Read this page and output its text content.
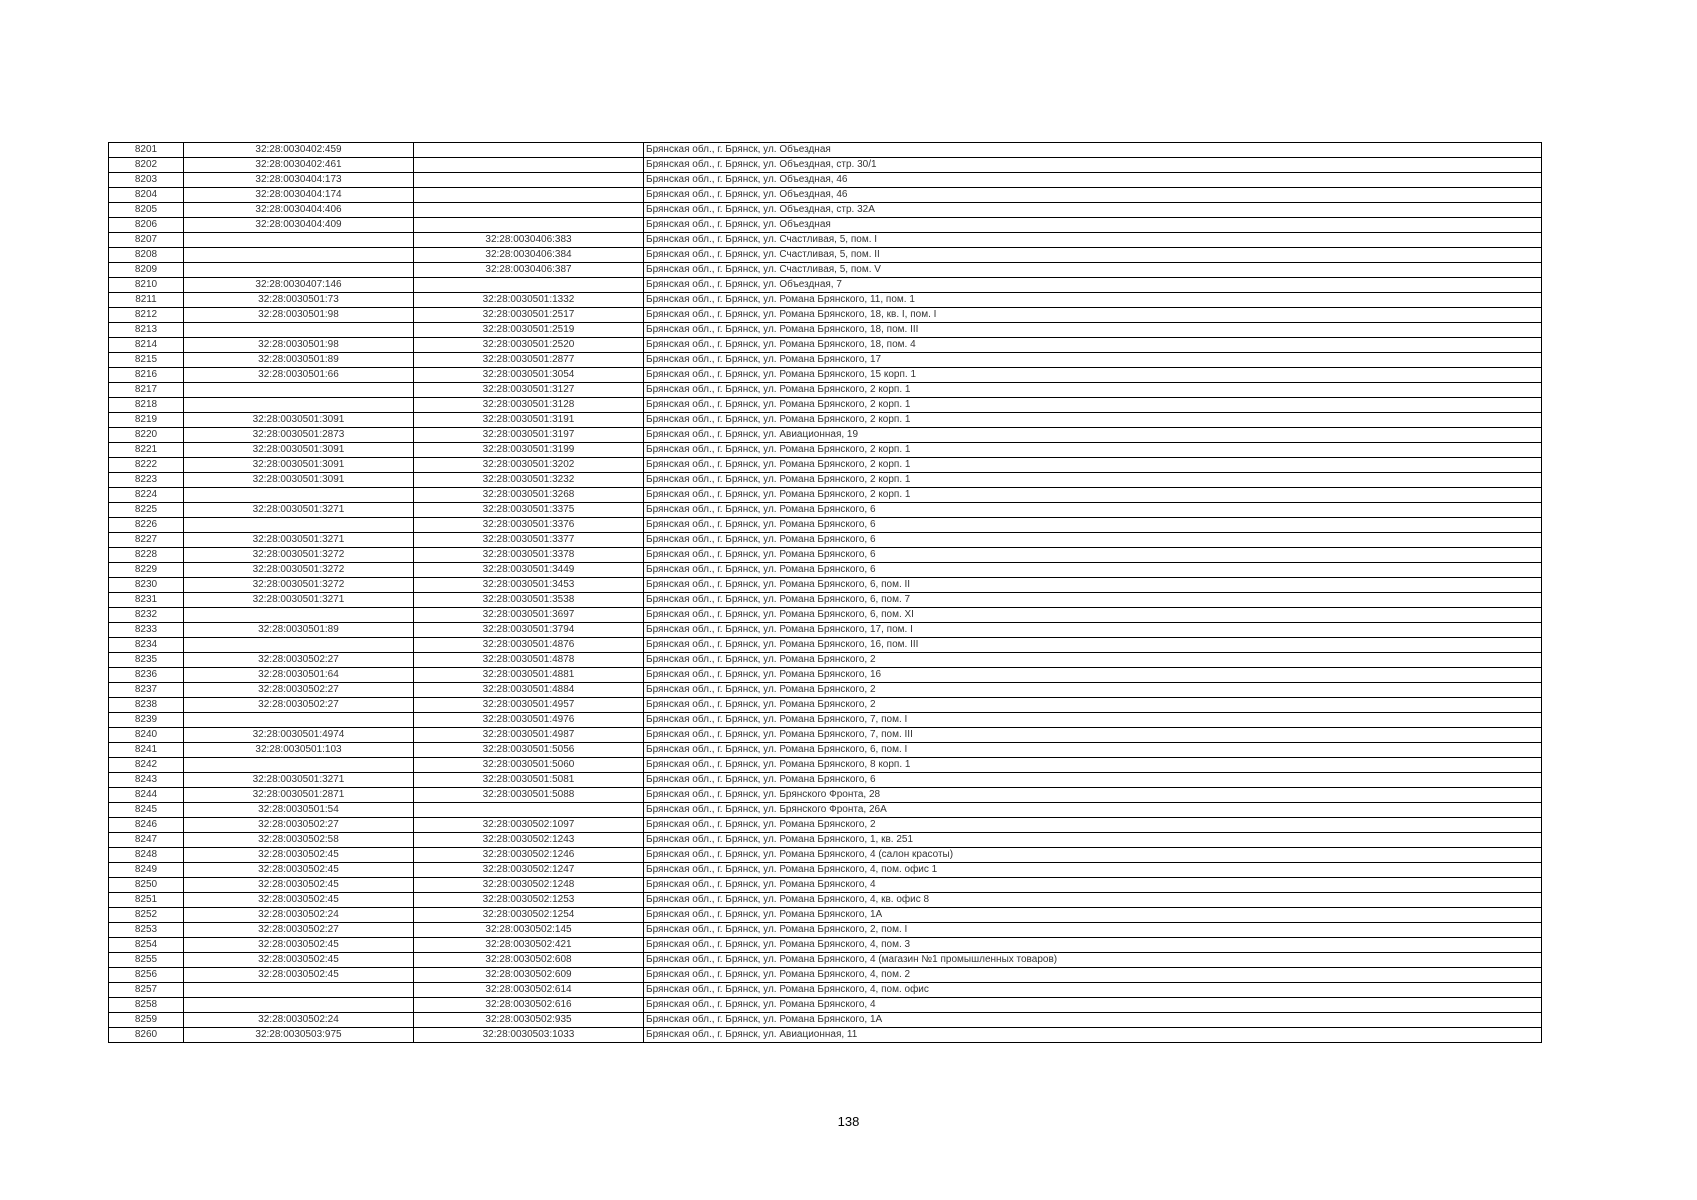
8201	32:28:0030402:459		Брянская обл., г. Брянск, ул. Объездная
8202	32:28:0030402:461		Брянская обл., г. Брянск, ул. Объездная, стр. 30/1
8203	32:28:0030404:173		Брянская обл., г. Брянск, ул. Объездная, 46
8204	32:28:0030404:174		Брянская обл., г. Брянск, ул. Объездная, 46
8205	32:28:0030404:406		Брянская обл., г. Брянск, ул. Объездная, стр. 32А
8206	32:28:0030404:409		Брянская обл., г. Брянск, ул. Объездная
8207		32:28:0030406:383	Брянская обл., г. Брянск, ул. Счастливая, 5, пом. I
8208		32:28:0030406:384	Брянская обл., г. Брянск, ул. Счастливая, 5, пом. II
8209		32:28:0030406:387	Брянская обл., г. Брянск, ул. Счастливая, 5, пом. V
8210	32:28:0030407:146		Брянская обл., г. Брянск, ул. Объездная, 7
8211	32:28:0030501:73	32:28:0030501:1332	Брянская обл., г. Брянск, ул. Романа Брянского, 11, пом. 1
8212	32:28:0030501:98	32:28:0030501:2517	Брянская обл., г. Брянск, ул. Романа Брянского, 18, кв. I, пом. I
8213		32:28:0030501:2519	Брянская обл., г. Брянск, ул. Романа Брянского, 18, пом. III
8214	32:28:0030501:98	32:28:0030501:2520	Брянская обл., г. Брянск, ул. Романа Брянского, 18, пом. 4
8215	32:28:0030501:89	32:28:0030501:2877	Брянская обл., г. Брянск, ул. Романа Брянского, 17
8216	32:28:0030501:66	32:28:0030501:3054	Брянская обл., г. Брянск, ул. Романа Брянского, 15 корп. 1
8217		32:28:0030501:3127	Брянская обл., г. Брянск, ул. Романа Брянского, 2 корп. 1
8218		32:28:0030501:3128	Брянская обл., г. Брянск, ул. Романа Брянского, 2 корп. 1
8219	32:28:0030501:3091	32:28:0030501:3191	Брянская обл., г. Брянск, ул. Романа Брянского, 2 корп. 1
8220	32:28:0030501:2873	32:28:0030501:3197	Брянская обл., г. Брянск, ул. Авиационная, 19
8221	32:28:0030501:3091	32:28:0030501:3199	Брянская обл., г. Брянск, ул. Романа Брянского, 2 корп. 1
8222	32:28:0030501:3091	32:28:0030501:3202	Брянская обл., г. Брянск, ул. Романа Брянского, 2 корп. 1
8223	32:28:0030501:3091	32:28:0030501:3232	Брянская обл., г. Брянск, ул. Романа Брянского, 2 корп. 1
8224		32:28:0030501:3268	Брянская обл., г. Брянск, ул. Романа Брянского, 2 корп. 1
8225	32:28:0030501:3271	32:28:0030501:3375	Брянская обл., г. Брянск, ул. Романа Брянского, 6
8226		32:28:0030501:3376	Брянская обл., г. Брянск, ул. Романа Брянского, 6
8227	32:28:0030501:3271	32:28:0030501:3377	Брянская обл., г. Брянск, ул. Романа Брянского, 6
8228	32:28:0030501:3272	32:28:0030501:3378	Брянская обл., г. Брянск, ул. Романа Брянского, 6
8229	32:28:0030501:3272	32:28:0030501:3449	Брянская обл., г. Брянск, ул. Романа Брянского, 6
8230	32:28:0030501:3272	32:28:0030501:3453	Брянская обл., г. Брянск, ул. Романа Брянского, 6, пом. II
8231	32:28:0030501:3271	32:28:0030501:3538	Брянская обл., г. Брянск, ул. Романа Брянского, 6, пом. 7
8232		32:28:0030501:3697	Брянская обл., г. Брянск, ул. Романа Брянского, 6, пом. XI
8233	32:28:0030501:89	32:28:0030501:3794	Брянская обл., г. Брянск, ул. Романа Брянского, 17, пом. I
8234		32:28:0030501:4876	Брянская обл., г. Брянск, ул. Романа Брянского, 16, пом. III
8235	32:28:0030502:27	32:28:0030501:4878	Брянская обл., г. Брянск, ул. Романа Брянского, 2
8236	32:28:0030501:64	32:28:0030501:4881	Брянская обл., г. Брянск, ул. Романа Брянского, 16
8237	32:28:0030502:27	32:28:0030501:4884	Брянская обл., г. Брянск, ул. Романа Брянского, 2
8238	32:28:0030502:27	32:28:0030501:4957	Брянская обл., г. Брянск, ул. Романа Брянского, 2
8239		32:28:0030501:4976	Брянская обл., г. Брянск, ул. Романа Брянского, 7, пом. I
8240	32:28:0030501:4974	32:28:0030501:4987	Брянская обл., г. Брянск, ул. Романа Брянского, 7, пом. III
8241	32:28:0030501:103	32:28:0030501:5056	Брянская обл., г. Брянск, ул. Романа Брянского, 6, пом. I
8242		32:28:0030501:5060	Брянская обл., г. Брянск, ул. Романа Брянского, 8 корп. 1
8243	32:28:0030501:3271	32:28:0030501:5081	Брянская обл., г. Брянск, ул. Романа Брянского, 6
8244	32:28:0030501:2871	32:28:0030501:5088	Брянская обл., г. Брянск, ул. Брянского Фронта, 28
8245	32:28:0030501:54		Брянская обл., г. Брянск, ул. Брянского Фронта, 26А
8246	32:28:0030502:27	32:28:0030502:1097	Брянская обл., г. Брянск, ул. Романа Брянского, 2
8247	32:28:0030502:58	32:28:0030502:1243	Брянская обл., г. Брянск, ул. Романа Брянского, 1, кв. 251
8248	32:28:0030502:45	32:28:0030502:1246	Брянская обл., г. Брянск, ул. Романа Брянского, 4 (салон красоты)
8249	32:28:0030502:45	32:28:0030502:1247	Брянская обл., г. Брянск, ул. Романа Брянского, 4, пом. офис 1
8250	32:28:0030502:45	32:28:0030502:1248	Брянская обл., г. Брянск, ул. Романа Брянского, 4
8251	32:28:0030502:45	32:28:0030502:1253	Брянская обл., г. Брянск, ул. Романа Брянского, 4, кв. офис 8
8252	32:28:0030502:24	32:28:0030502:1254	Брянская обл., г. Брянск, ул. Романа Брянского, 1А
8253	32:28:0030502:27	32:28:0030502:145	Брянская обл., г. Брянск, ул. Романа Брянского, 2, пом. I
8254	32:28:0030502:45	32:28:0030502:421	Брянская обл., г. Брянск, ул. Романа Брянского, 4, пом. 3
8255	32:28:0030502:45	32:28:0030502:608	Брянская обл., г. Брянск, ул. Романа Брянского, 4 (магазин №1 промышленных товаров)
8256	32:28:0030502:45	32:28:0030502:609	Брянская обл., г. Брянск, ул. Романа Брянского, 4, пом. 2
8257		32:28:0030502:614	Брянская обл., г. Брянск, ул. Романа Брянского, 4, пом. офис
8258		32:28:0030502:616	Брянская обл., г. Брянск, ул. Романа Брянского, 4
8259	32:28:0030502:24	32:28:0030502:935	Брянская обл., г. Брянск, ул. Романа Брянского, 1А
8260	32:28:0030503:975	32:28:0030503:1033	Брянская обл., г. Брянск, ул. Авиационная, 11
138
